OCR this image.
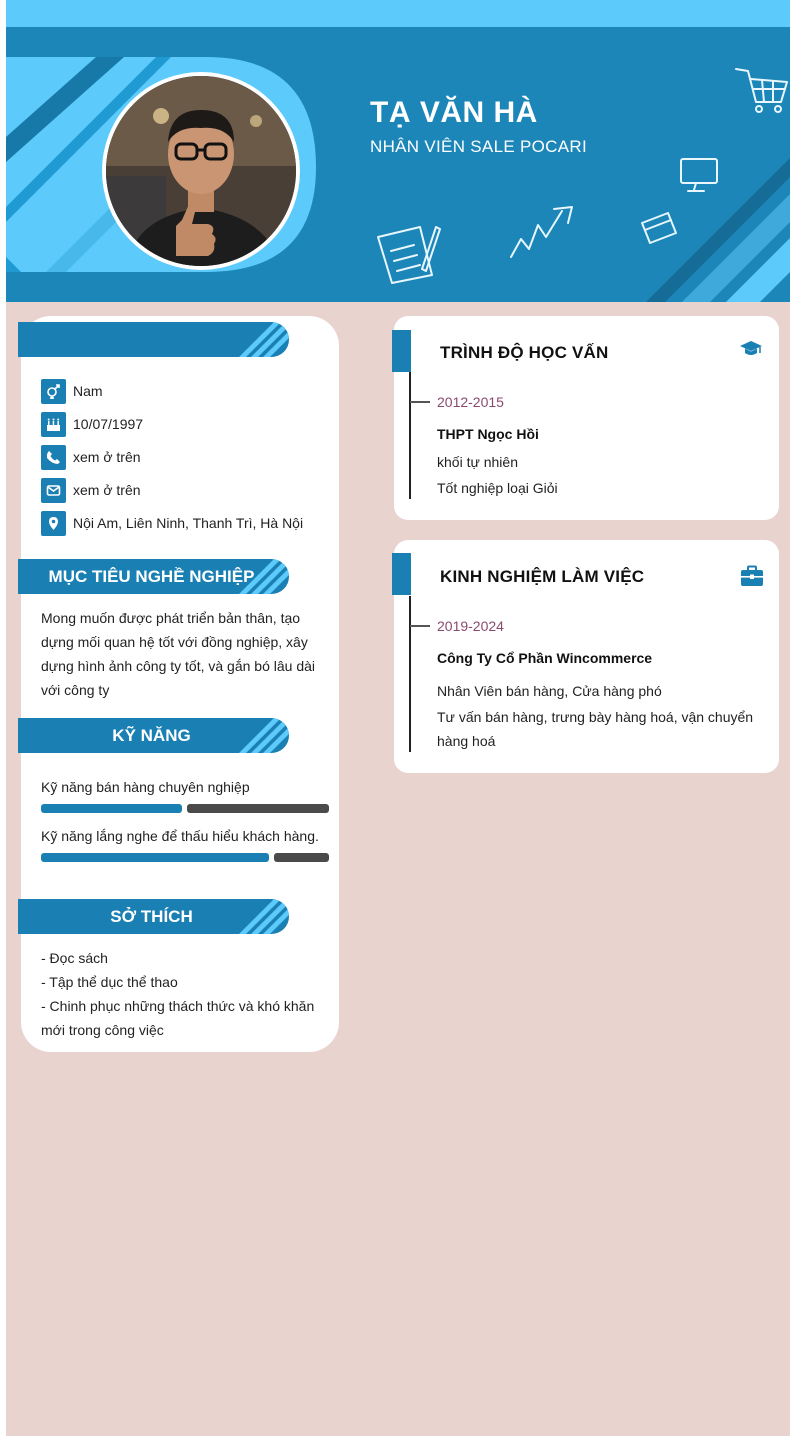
TẠ VĂN HÀ
NHÂN VIÊN SALE POCARI
Nam
10/07/1997
xem ở trên
xem ở trên
Nội Am, Liên Ninh, Thanh Trì, Hà Nội
MỤC TIÊU NGHỀ NGHIỆP
Mong muốn được phát triển bản thân, tạo dựng mối quan hệ tốt với đồng nghiệp, xây dựng hình ảnh công ty tốt, và gắn bó lâu dài với công ty
KỸ NĂNG
Kỹ năng bán hàng chuyên nghiệp
Kỹ năng lắng nghe để thấu hiểu khách hàng.
SỞ THÍCH
- Đọc sách
- Tập thể dục thể thao
- Chinh phục những thách thức và khó khăn mới trong công việc
TRÌNH ĐỘ HỌC VẤN
2012-2015
THPT Ngọc Hồi
khối tự nhiên
Tốt nghiệp loại Giỏi
KINH NGHIỆM LÀM VIỆC
2019-2024
Công Ty Cổ Phần Wincommerce
Nhân Viên bán hàng, Cửa hàng phó
Tư vấn bán hàng, trưng bày hàng hoá, vận chuyển hàng hoá
